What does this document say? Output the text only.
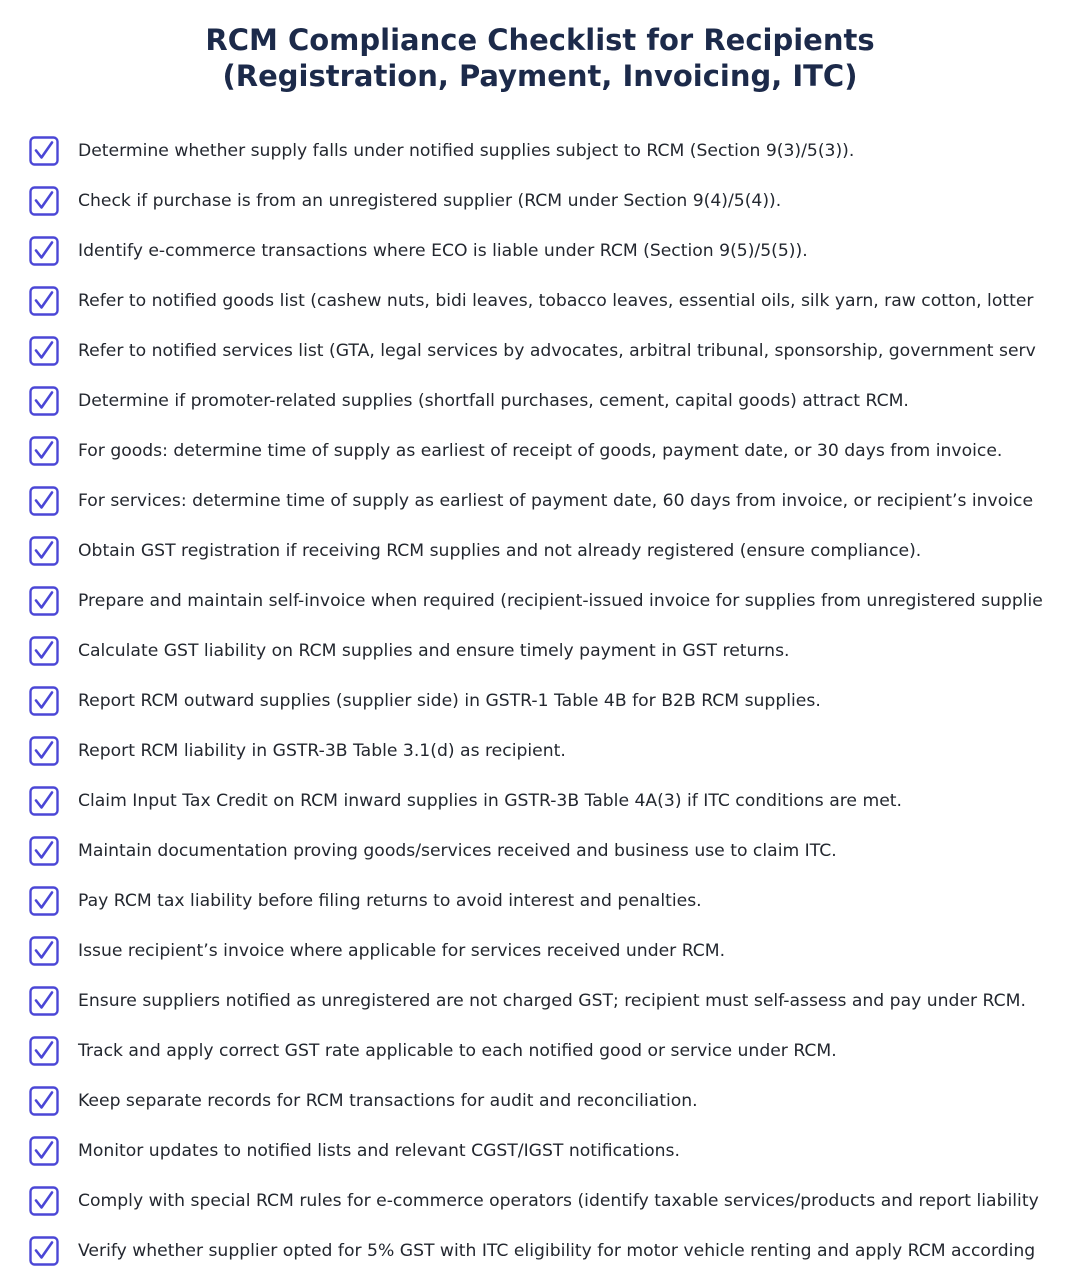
RCM Compliance Checklist for Recipients
(Registration, Payment, Invoicing, ITC)
Determine whether supply falls under notified supplies subject to RCM (Section 9(3)/5(3)).
Check if purchase is from an unregistered supplier (RCM under Section 9(4)/5(4)).
Identify e-commerce transactions where ECO is liable under RCM (Section 9(5)/5(5)).
Refer to notified goods list (cashew nuts, bidi leaves, tobacco leaves, essential oils, silk yarn, raw cotton, lotter
Refer to notified services list (GTA, legal services by advocates, arbitral tribunal, sponsorship, government serv
Determine if promoter-related supplies (shortfall purchases, cement, capital goods) attract RCM.
For goods: determine time of supply as earliest of receipt of goods, payment date, or 30 days from invoice.
For services: determine time of supply as earliest of payment date, 60 days from invoice, or recipient’s invoice
Obtain GST registration if receiving RCM supplies and not already registered (ensure compliance).
Prepare and maintain self-invoice when required (recipient-issued invoice for supplies from unregistered supplie
Calculate GST liability on RCM supplies and ensure timely payment in GST returns.
Report RCM outward supplies (supplier side) in GSTR-1 Table 4B for B2B RCM supplies.
Report RCM liability in GSTR-3B Table 3.1(d) as recipient.
Claim Input Tax Credit on RCM inward supplies in GSTR-3B Table 4A(3) if ITC conditions are met.
Maintain documentation proving goods/services received and business use to claim ITC.
Pay RCM tax liability before filing returns to avoid interest and penalties.
Issue recipient’s invoice where applicable for services received under RCM.
Ensure suppliers notified as unregistered are not charged GST; recipient must self-assess and pay under RCM.
Track and apply correct GST rate applicable to each notified good or service under RCM.
Keep separate records for RCM transactions for audit and reconciliation.
Monitor updates to notified lists and relevant CGST/IGST notifications.
Comply with special RCM rules for e-commerce operators (identify taxable services/products and report liability
Verify whether supplier opted for 5% GST with ITC eligibility for motor vehicle renting and apply RCM according
